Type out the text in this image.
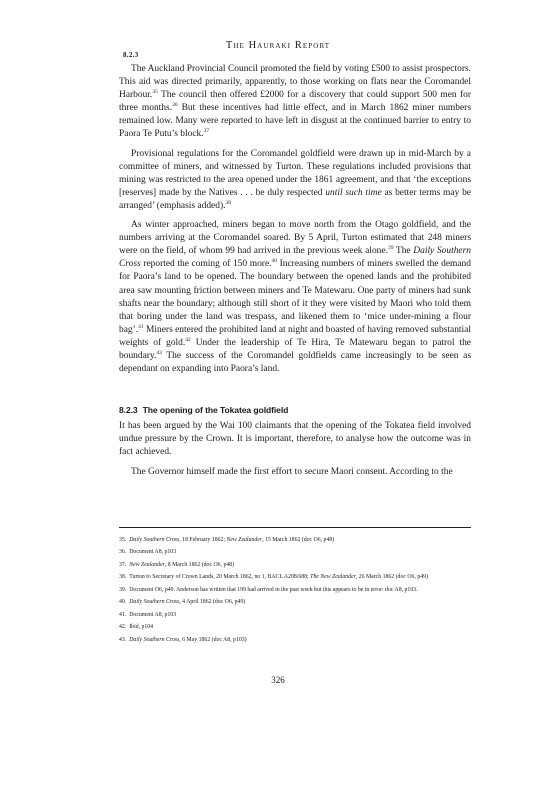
8.2.3
The Hauraki Report

The Auckland Provincial Council promoted the field by voting £500 to assist prospectors. This aid was directed primarily, apparently, to those working on flats near the Coromandel Harbour.$^{35}$ The council then offered £2000 for a discovery that could support 500 men for three months.$^{36}$ But these incentives had little effect, and in March 1862 miner numbers remained low. Many were reported to have left in disgust at the continued barrier to entry to Paora Te Putu’s block.$^{37}$

Provisional regulations for the Coromandel goldfield were drawn up in mid-March by a committee of miners, and witnessed by Turton. These regulations included provisions that mining was restricted to the area opened under the 1861 agreement, and that ‘the exceptions [reserves] made by the Natives . . . be duly respected until such time as better terms may be arranged’ (emphasis added).$^{38}$

As winter approached, miners began to move north from the Otago goldfield, and the numbers arriving at the Coromandel soared. By 5 April, Turton estimated that 248 miners were on the field, of whom 99 had arrived in the previous week alone.$^{39}$ The Daily Southern Cross reported the coming of 150 more.$^{40}$ Increasing numbers of miners swelled the demand for Paora’s land to be opened. The boundary between the opened lands and the prohibited area saw mounting friction between miners and Te Matewaru. One party of miners had sunk shafts near the boundary; although still short of it they were visited by Maori who told them that boring under the land was trespass, and likened them to ‘mice under-mining a flour bag’.$^{41}$ Miners entered the prohibited land at night and boasted of having removed substantial weights of gold.$^{42}$ Under the leadership of Te Hira, Te Matewaru began to patrol the boundary.$^{43}$ The success of the Coromandel goldfields came increasingly to be seen as dependant on expanding into Paora’s land.

8.2.3 The opening of the Tokatea goldfield

It has been argued by the Wai 100 claimants that the opening of the Tokatea field involved undue pressure by the Crown. It is important, therefore, to analyse how the outcome was in fact achieved.

The Governor himself made the first effort to secure Maori consent. According to the

35. Daily Southern Cross, 18 February 1862; New Zealander, 15 March 1862 (doc O6, p48)
36. Document A8, p103
37. New Zealander, 8 March 1862 (doc O6, p48)
38. Turton to Secretary of Crown Lands, 20 March 1862, no 1, BACL A208/688; The New Zealander, 26 March 1862 (doc O6, p49)
39. Document O6, p49. Anderson has written that 199 had arrived in the past week but this appears to be in error: doc A8, p103.
40. Daily Southern Cross, 4 April 1862 (doc O6, p49)
41. Document A8, p103
42. Ibid, p104
43. Daily Southern Cross, 6 May 1862 (doc A8, p103)
326
